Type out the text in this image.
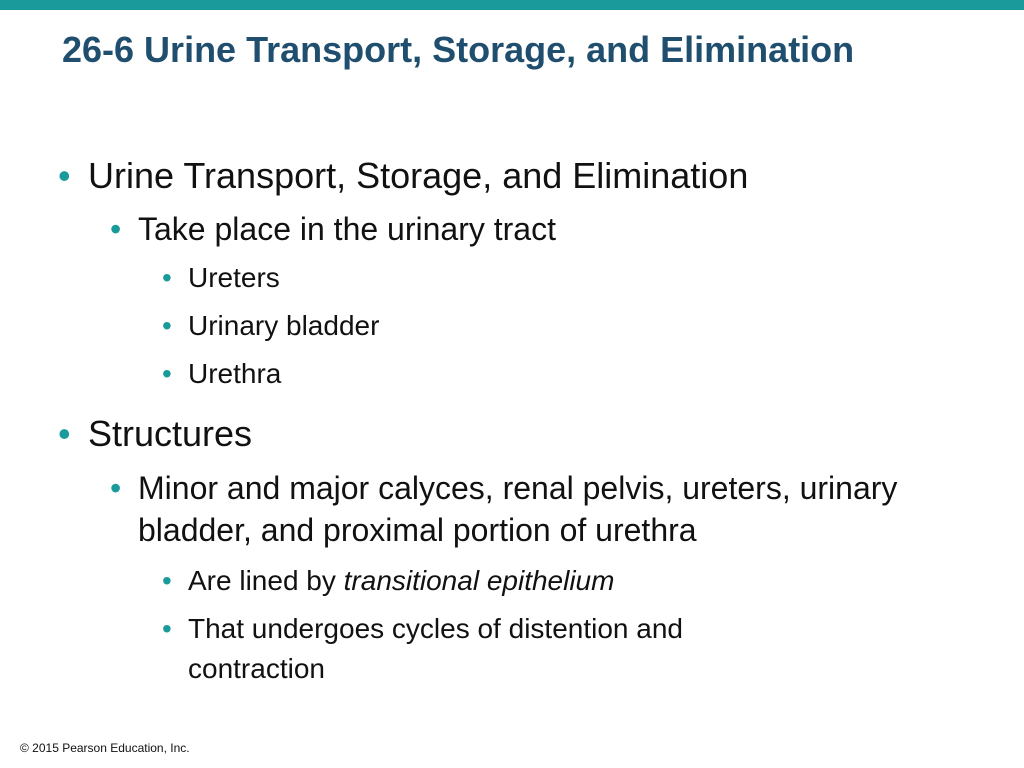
26-6 Urine Transport, Storage, and Elimination
• Urine Transport, Storage, and Elimination
• Take place in the urinary tract
• Ureters
• Urinary bladder
• Urethra
• Structures
• Minor and major calyces, renal pelvis, ureters, urinary bladder, and proximal portion of urethra
• Are lined by transitional epithelium
• That undergoes cycles of distention and contraction
© 2015 Pearson Education, Inc.
